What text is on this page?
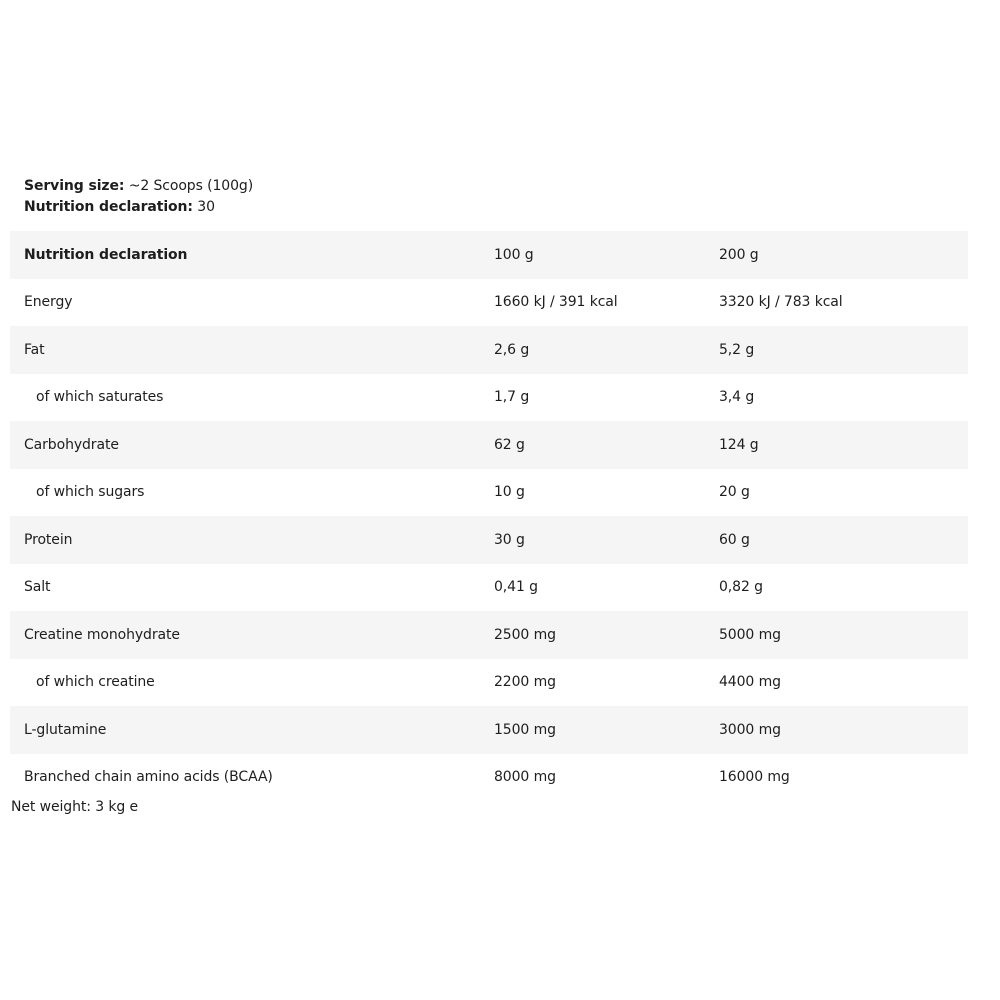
Serving size: ~2 Scoops (100g)
Nutrition declaration: 30
Nutrition declaration	100 g	200 g
Energy	1660 kJ / 391 kcal	3320 kJ / 783 kcal
Fat	2,6 g	5,2 g
of which saturates	1,7 g	3,4 g
Carbohydrate	62 g	124 g
of which sugars	10 g	20 g
Protein	30 g	60 g
Salt	0,41 g	0,82 g
Creatine monohydrate	2500 mg	5000 mg
of which creatine	2200 mg	4400 mg
L-glutamine	1500 mg	3000 mg
Branched chain amino acids (BCAA)	8000 mg	16000 mg
Net weight: 3 kg e
